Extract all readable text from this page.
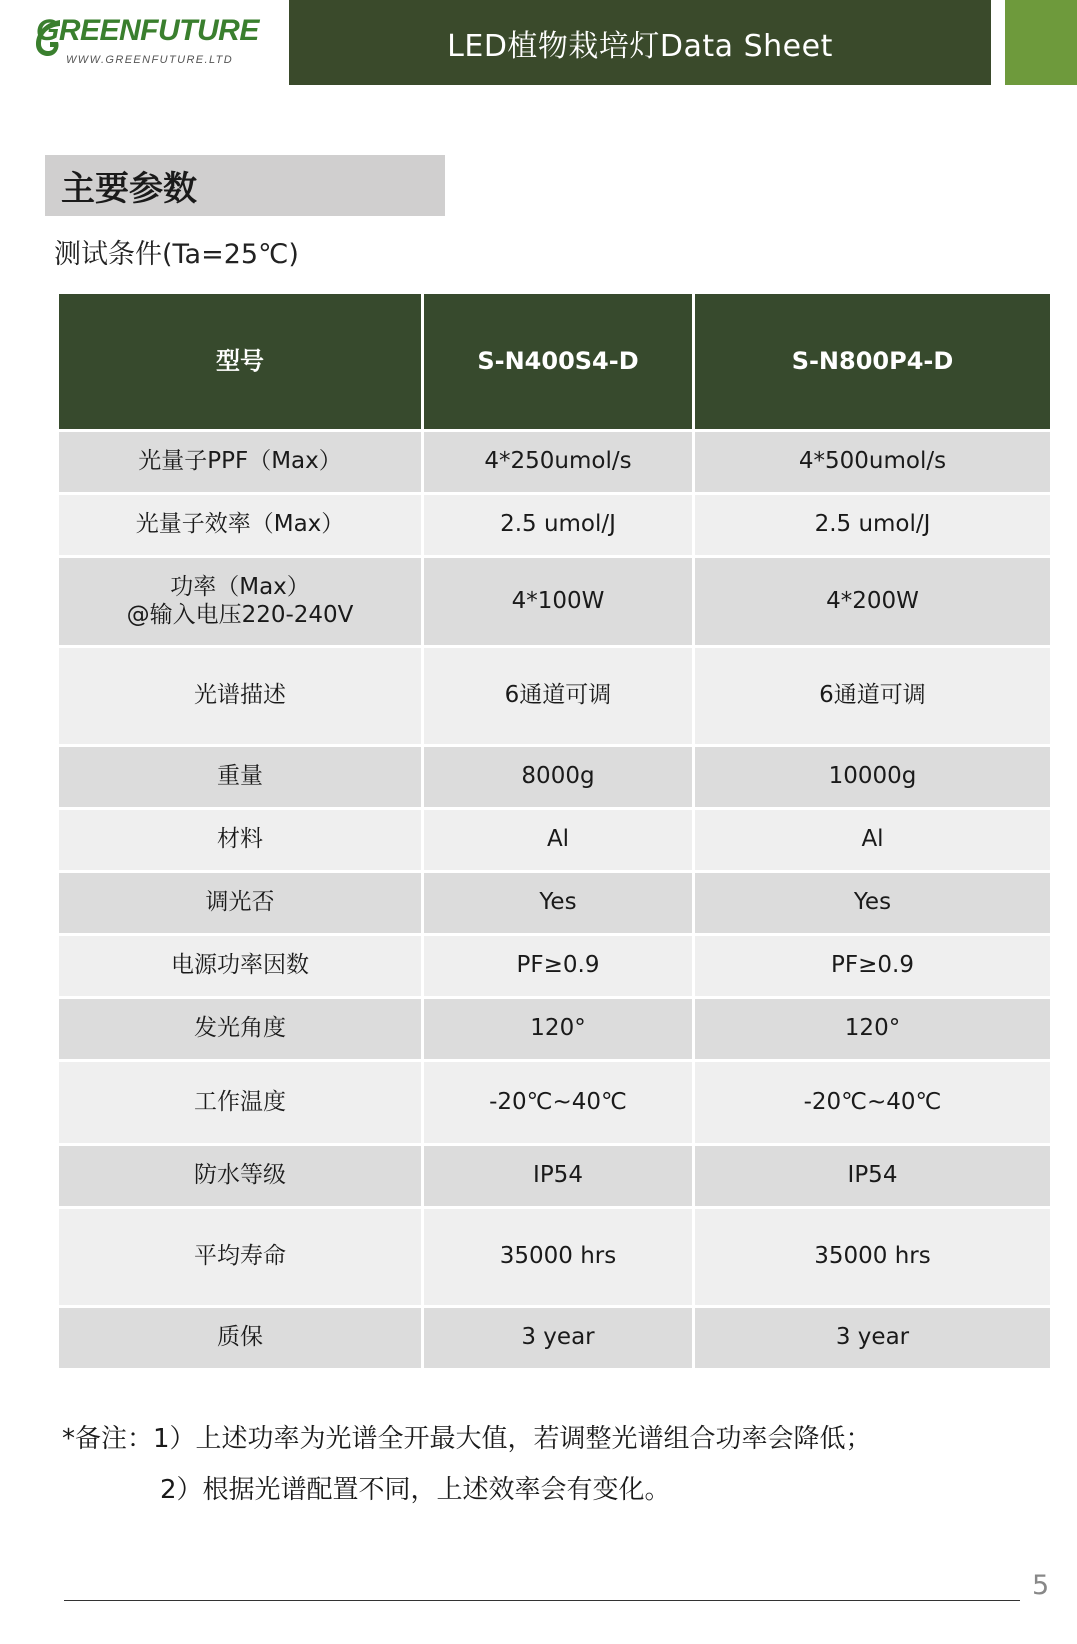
GREENFUTURE
WWW.GREENFUTURE.LTD	LED植物栽培灯Data Sheet
主要参数
测试条件(Ta=25℃)
型号	S-N400S4-D	S-N800P4-D
光量子PPF（Max）	4*250umol/s	4*500umol/s
光量子效率（Max）	2.5 umol/J	2.5 umol/J

功率（Max）
@输入电压220-240V	4*100W	4*200W
光谱描述	6通道可调	6通道可调
重量	8000g	10000g
材料	Al	Al
调光否	Yes	Yes
电源功率因数	PF≥0.9	PF≥0.9
发光角度	120°	120°
工作温度	-20℃~40℃	-20℃~40℃
防水等级	IP54	IP54
平均寿命	35000 hrs	35000 hrs
质保	3 year	3 year
*备注：1）上述功率为光谱全开最大值，若调整光谱组合功率会降低；
2）根据光谱配置不同，上述效率会有变化。
5
